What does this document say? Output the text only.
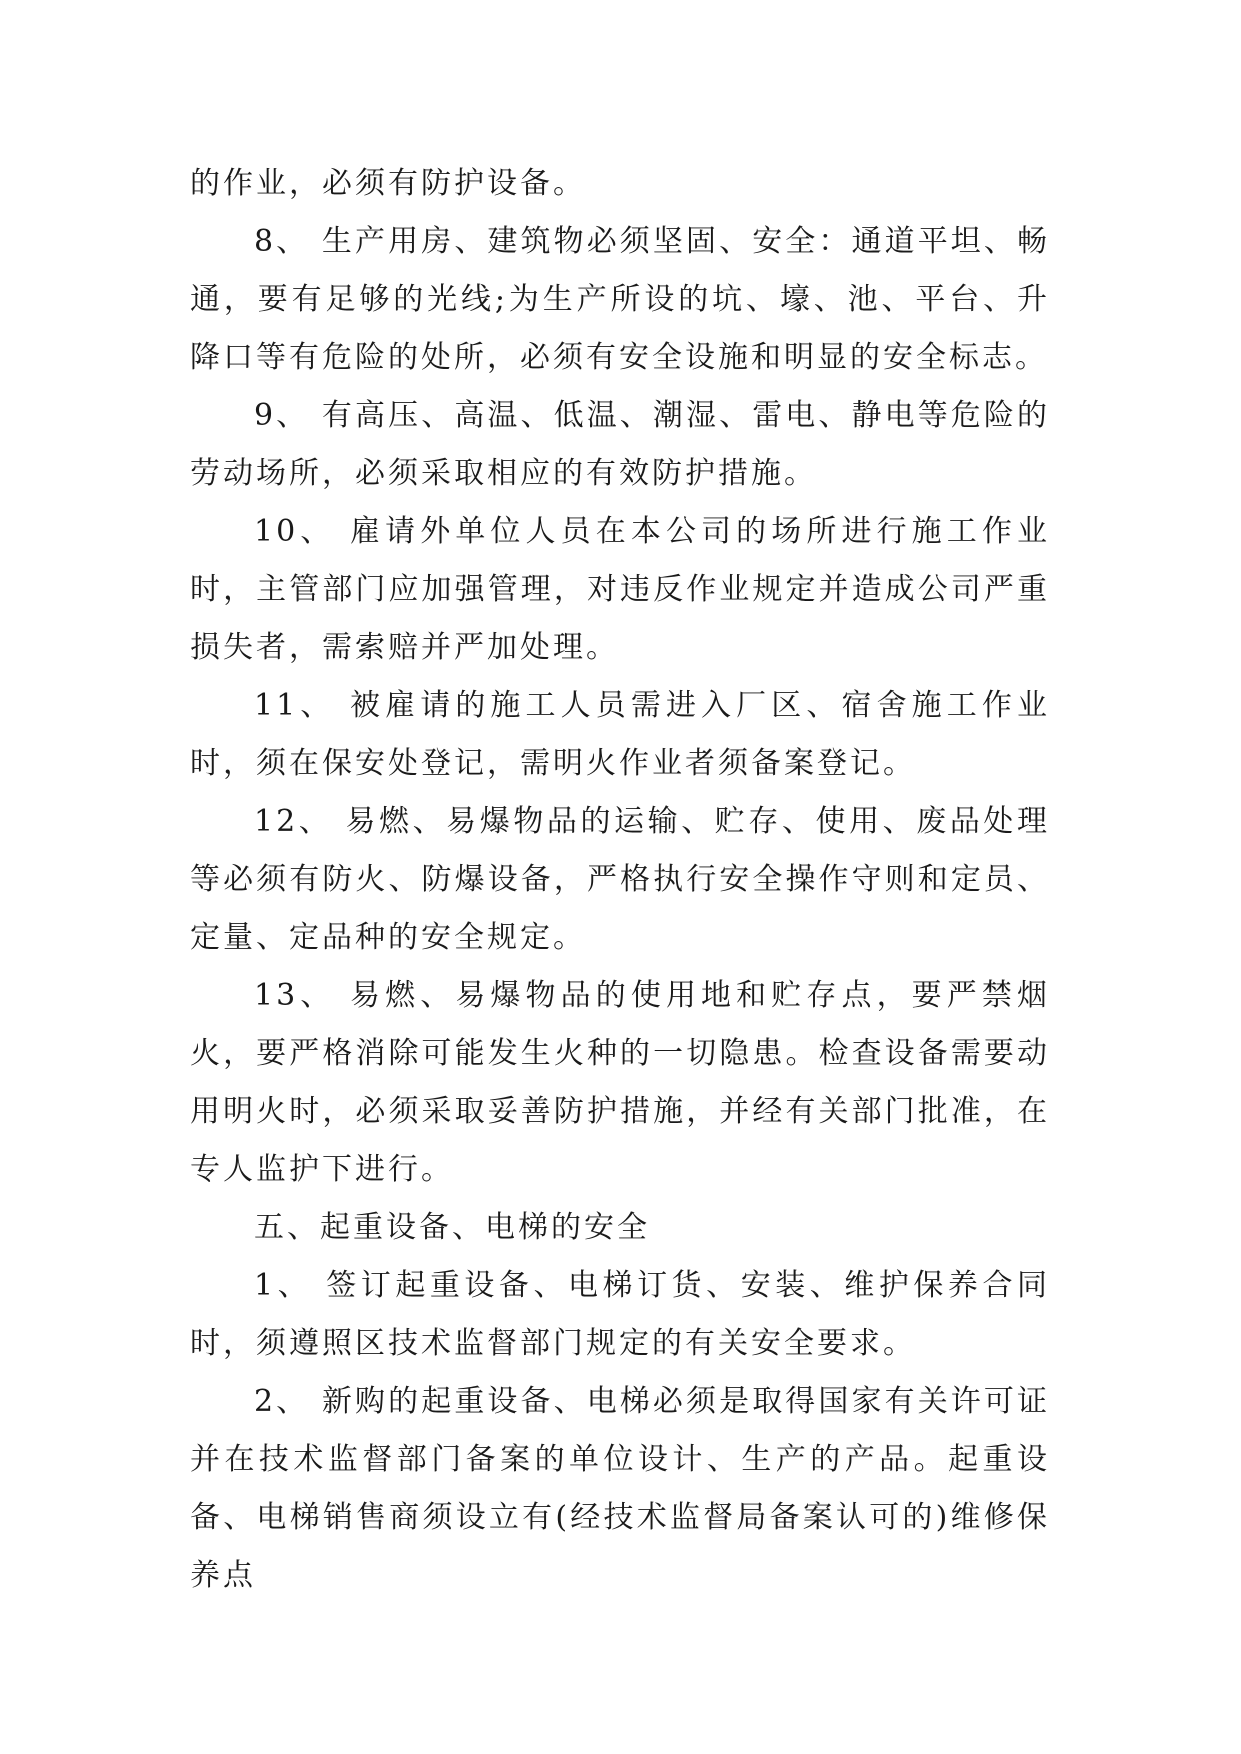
的作业，必须有防护设备。

8、 生产用房、建筑物必须坚固、安全：通道平坦、畅通，要有足够的光线;为生产所设的坑、壕、池、平台、升降口等有危险的处所，必须有安全设施和明显的安全标志。

9、 有高压、高温、低温、潮湿、雷电、静电等危险的劳动场所，必须采取相应的有效防护措施。

10、 雇请外单位人员在本公司的场所进行施工作业时，主管部门应加强管理，对违反作业规定并造成公司严重损失者，需索赔并严加处理。

11、 被雇请的施工人员需进入厂区、宿舍施工作业时，须在保安处登记，需明火作业者须备案登记。

12、 易燃、易爆物品的运输、贮存、使用、废品处理等必须有防火、防爆设备，严格执行安全操作守则和定员、定量、定品种的安全规定。

13、 易燃、易爆物品的使用地和贮存点，要严禁烟火，要严格消除可能发生火种的一切隐患。检查设备需要动用明火时，必须采取妥善防护措施，并经有关部门批准，在专人监护下进行。

五、起重设备、电梯的安全

1、 签订起重设备、电梯订货、安装、维护保养合同时，须遵照区技术监督部门规定的有关安全要求。

2、 新购的起重设备、电梯必须是取得国家有关许可证并在技术监督部门备案的单位设计、生产的产品。起重设备、电梯销售商须设立有(经技术监督局备案认可的)维修保养点
